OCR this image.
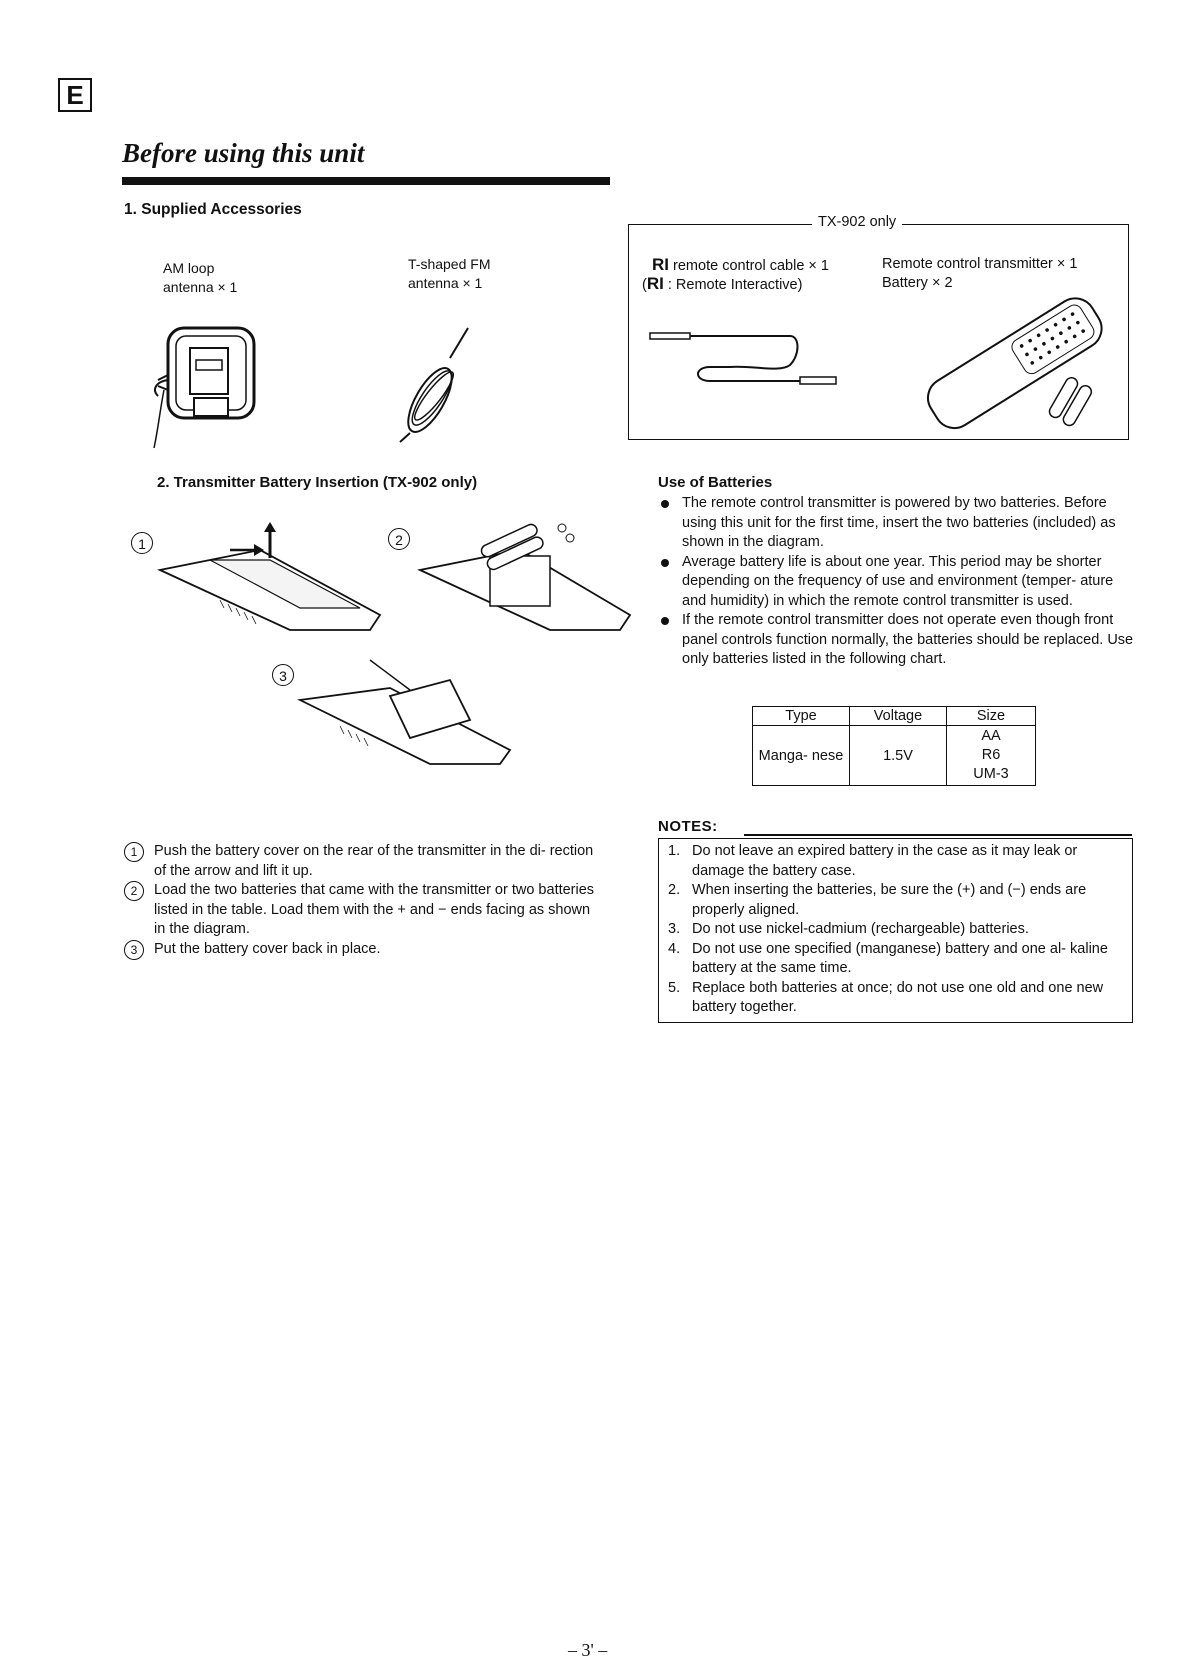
E
Before using this unit
1. Supplied Accessories
AM loop
antenna × 1
T-shaped FM
antenna × 1
TX-902 only
RI remote control cable × 1
(RI : Remote Interactive)
Remote control transmitter × 1
Battery × 2
2. Transmitter Battery Insertion (TX-902 only)
1	2
3
1	Push the battery cover on the rear of the transmitter in the di- rection of the arrow and lift it up.
2	Load the two batteries that came with the transmitter or two batteries listed in the table. Load them with the + and − ends facing as shown in the diagram.
3	Put the battery cover back in place.
Use of Batteries
The remote control transmitter is powered by two batteries. Before using this unit for the first time, insert the two batteries (included) as shown in the diagram.
Average battery life is about one year. This period may be shorter depending on the frequency of use and environment (temper- ature and humidity) in which the remote control transmitter is used.
If the remote control transmitter does not operate even though front panel controls function normally, the batteries should be replaced. Use only batteries listed in the following chart.
Type	Voltage	Size
Manga- nese	1.5V	AA
R6
UM-3
NOTES:
1. Do not leave an expired battery in the case as it may leak or damage the battery case.
2. When inserting the batteries, be sure the (+) and (−) ends are properly aligned.
3. Do not use nickel-cadmium (rechargeable) batteries.
4. Do not use one specified (manganese) battery and one al- kaline battery at the same time.
5. Replace both batteries at once; do not use one old and one new battery together.
– 3' –
